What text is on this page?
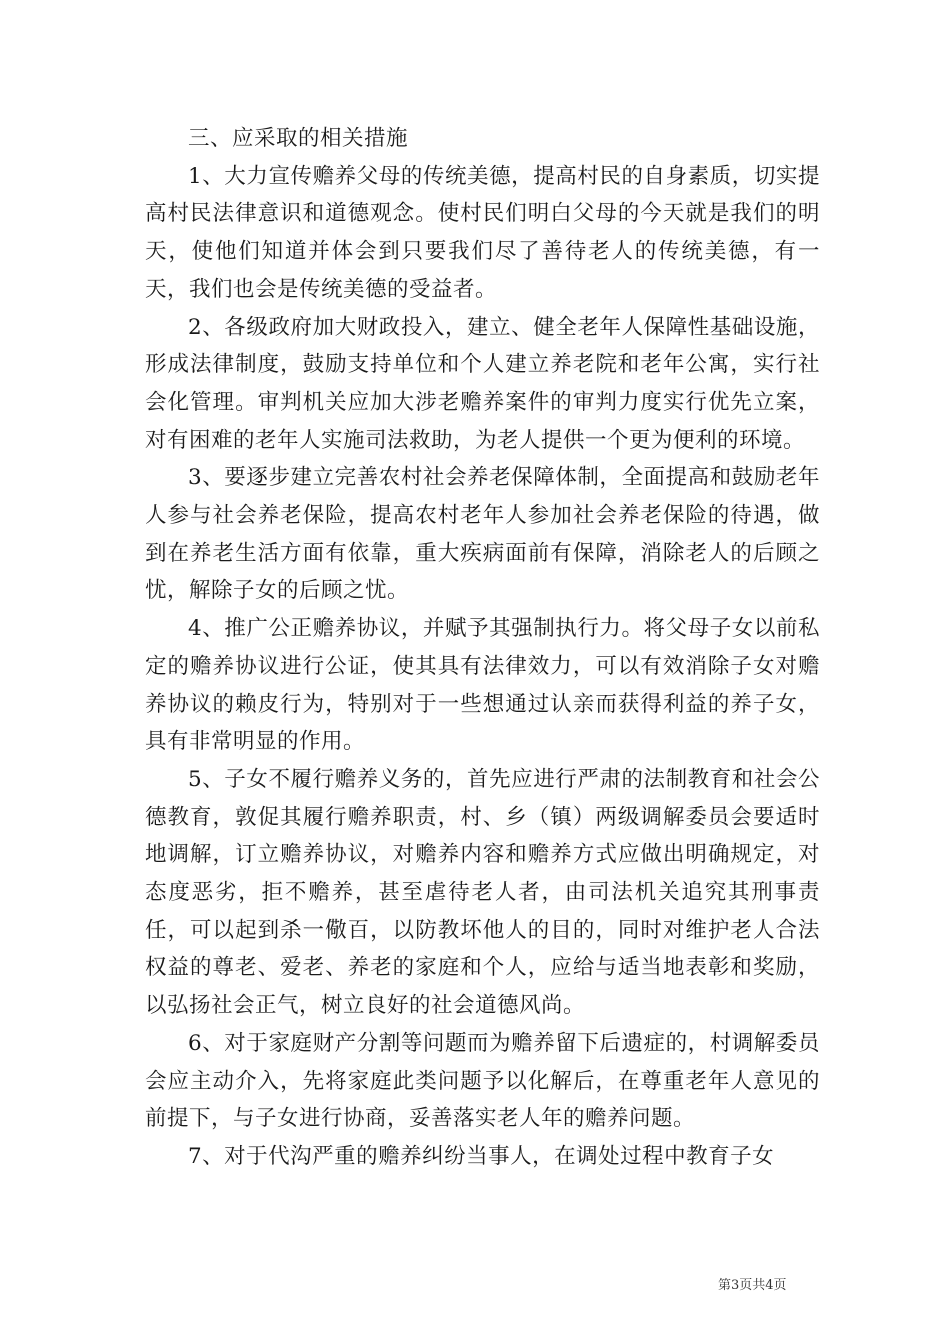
三、应采取的相关措施

1、大力宣传赡养父母的传统美德，提高村民的自身素质，切实提高村民法律意识和道德观念。使村民们明白父母的今天就是我们的明天，使他们知道并体会到只要我们尽了善待老人的传统美德，有一天，我们也会是传统美德的受益者。

2、各级政府加大财政投入，建立、健全老年人保障性基础设施，形成法律制度，鼓励支持单位和个人建立养老院和老年公寓，实行社会化管理。审判机关应加大涉老赡养案件的审判力度实行优先立案，对有困难的老年人实施司法救助，为老人提供一个更为便利的环境。

3、要逐步建立完善农村社会养老保障体制，全面提高和鼓励老年人参与社会养老保险，提高农村老年人参加社会养老保险的待遇，做到在养老生活方面有依靠，重大疾病面前有保障，消除老人的后顾之忧，解除子女的后顾之忧。

4、推广公正赡养协议，并赋予其强制执行力。将父母子女以前私定的赡养协议进行公证，使其具有法律效力，可以有效消除子女对赡养协议的赖皮行为，特别对于一些想通过认亲而获得利益的养子女，具有非常明显的作用。

5、子女不履行赡养义务的，首先应进行严肃的法制教育和社会公德教育，敦促其履行赡养职责，村、乡（镇）两级调解委员会要适时地调解，订立赡养协议，对赡养内容和赡养方式应做出明确规定，对态度恶劣，拒不赡养，甚至虐待老人者，由司法机关追究其刑事责任，可以起到杀一儆百，以防教坏他人的目的，同时对维护老人合法权益的尊老、爱老、养老的家庭和个人，应给与适当地表彰和奖励，以弘扬社会正气，树立良好的社会道德风尚。

6、对于家庭财产分割等问题而为赡养留下后遗症的，村调解委员会应主动介入，先将家庭此类问题予以化解后，在尊重老年人意见的前提下，与子女进行协商，妥善落实老人年的赡养问题。

7、对于代沟严重的赡养纠纷当事人，在调处过程中教育子女

第3页共4页
